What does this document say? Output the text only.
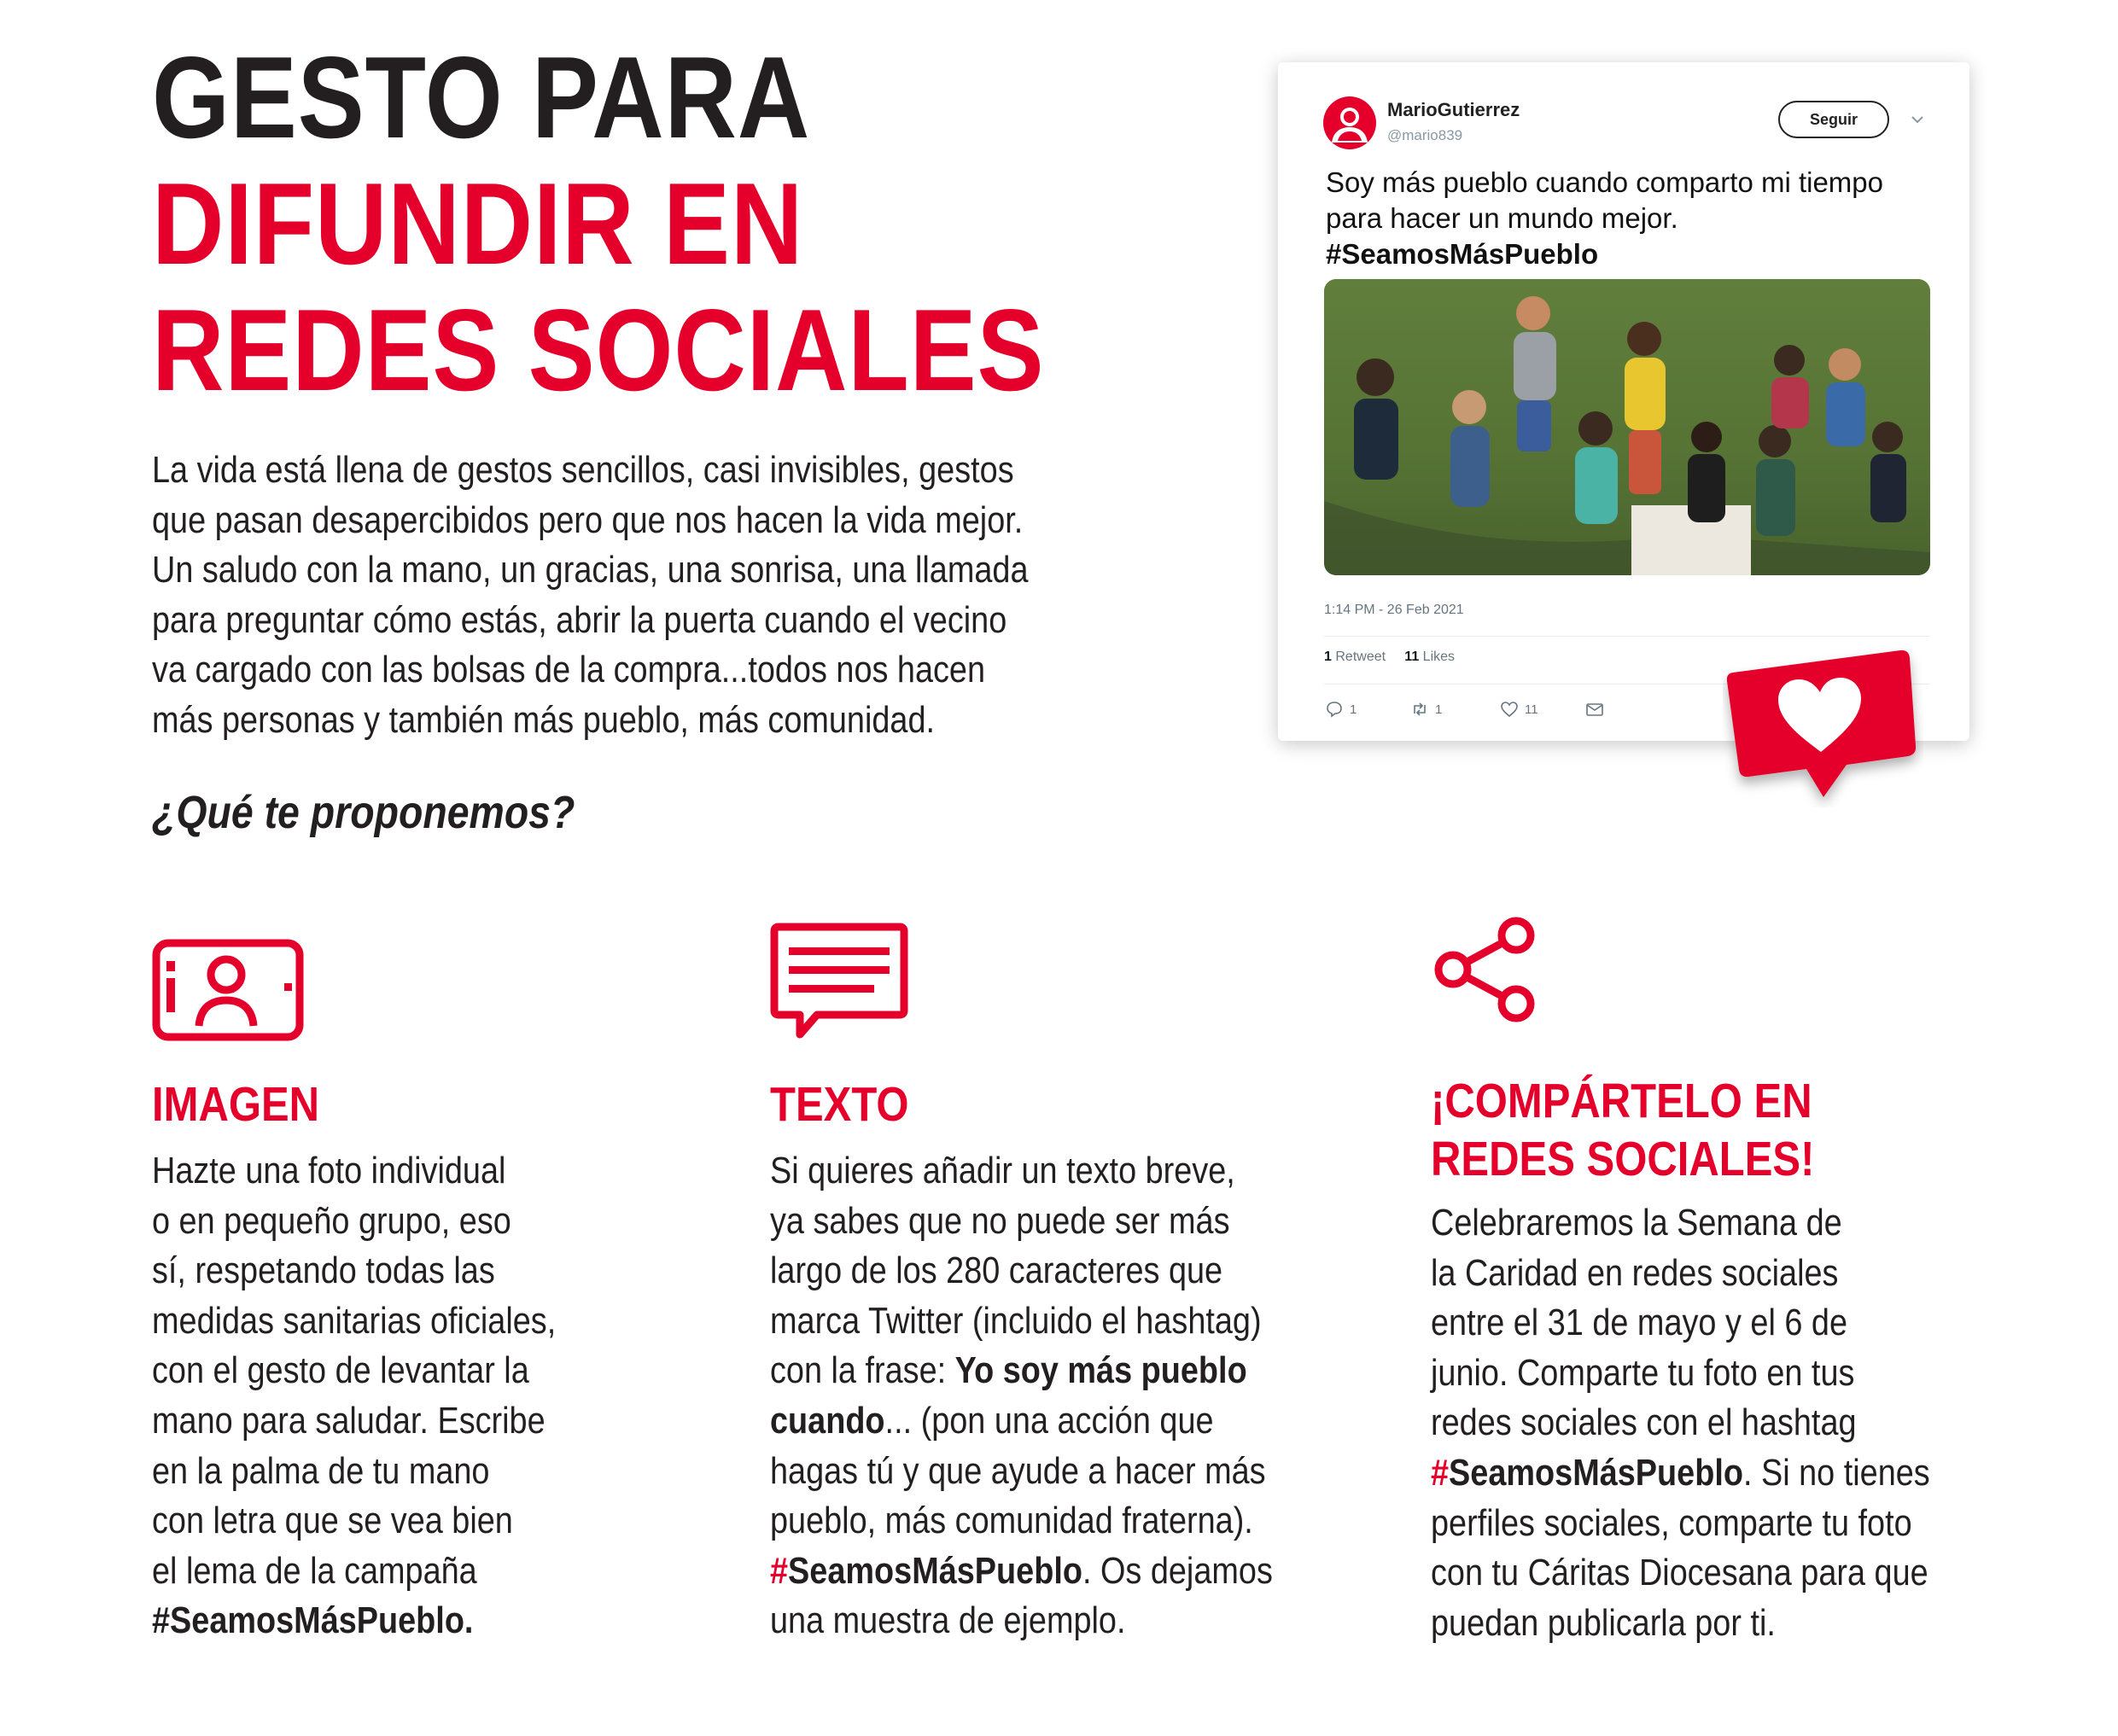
GESTO PARA
DIFUNDIR EN
REDES SOCIALES
La vida está llena de gestos sencillos, casi invisibles, gestos
que pasan desapercibidos pero que nos hacen la vida mejor.
Un saludo con la mano, un gracias, una sonrisa, una llamada
para preguntar cómo estás, abrir la puerta cuando el vecino
va cargado con las bolsas de la compra...todos nos hacen
más personas y también más pueblo, más comunidad.
¿Qué te proponemos?
MarioGutierrez
@mario839
Seguir
Soy más pueblo cuando comparto mi tiempo
para hacer un mundo mejor.
#SeamosMásPueblo
1:14 PM - 26 Feb 2021
1 Retweet 11 Likes
1	1	11
IMAGEN
Hazte una foto individual
o en pequeño grupo, eso
sí, respetando todas las
medidas sanitarias oficiales,
con el gesto de levantar la
mano para saludar. Escribe
en la palma de tu mano
con letra que se vea bien
el lema de la campaña
#SeamosMásPueblo.
TEXTO
Si quieres añadir un texto breve,
ya sabes que no puede ser más
largo de los 280 caracteres que
marca Twitter (incluido el hashtag)
con la frase: Yo soy más pueblo
cuando... (pon una acción que
hagas tú y que ayude a hacer más
pueblo, más comunidad fraterna).
#SeamosMásPueblo. Os dejamos
una muestra de ejemplo.
¡COMPÁRTELO EN
REDES SOCIALES!
Celebraremos la Semana de
la Caridad en redes sociales
entre el 31 de mayo y el 6 de
junio. Comparte tu foto en tus
redes sociales con el hashtag
#SeamosMásPueblo. Si no tienes
perfiles sociales, comparte tu foto
con tu Cáritas Diocesana para que
puedan publicarla por ti.
